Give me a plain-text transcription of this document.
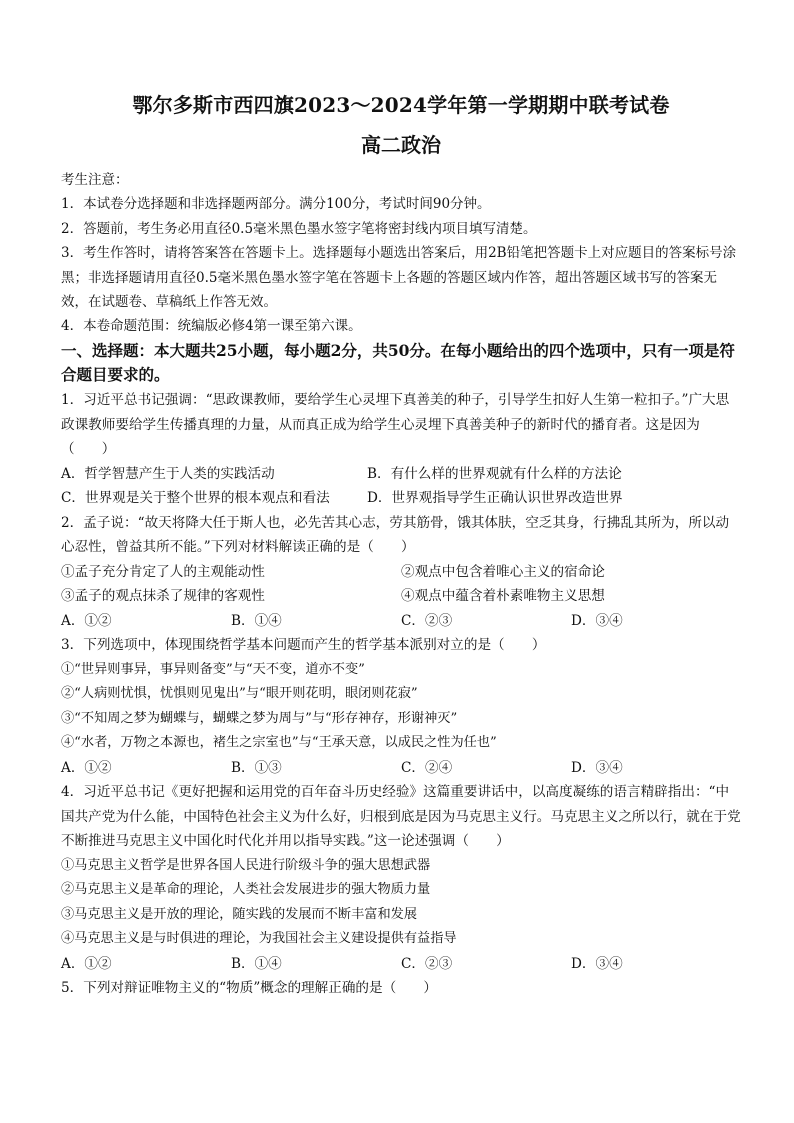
鄂尔多斯市西四旗2023～2024学年第一学期期中联考试卷
高二政治

考生注意：

1．本试卷分选择题和非选择题两部分。满分100分，考试时间90分钟。

2．答题前，考生务必用直径0.5毫米黑色墨水签字笔将密封线内项目填写清楚。

3．考生作答时，请将答案答在答题卡上。选择题每小题选出答案后，用2B铅笔把答题卡上对应题目的答案标号涂黑；非选择题请用直径0.5毫米黑色墨水签字笔在答题卡上各题的答题区域内作答，超出答题区域书写的答案无效，在试题卷、草稿纸上作答无效。

4．本卷命题范围：统编版必修4第一课至第六课。

一、选择题：本大题共25小题，每小题2分，共50分。在每小题给出的四个选项中，只有一项是符合题目要求的。

1．习近平总书记强调：“思政课教师，要给学生心灵埋下真善美的种子，引导学生扣好人生第一粒扣子。”广大思政课教师要给学生传播真理的力量，从而真正成为给学生心灵埋下真善美种子的新时代的播育者。这是因为（　　）

A．哲学智慧产生于人类的实践活动	B．有什么样的世界观就有什么样的方法论
C．世界观是关于整个世界的根本观点和看法	D．世界观指导学生正确认识世界改造世界

2．孟子说：“故天将降大任于斯人也，必先苦其心志，劳其筋骨，饿其体肤，空乏其身，行拂乱其所为，所以动心忍性，曾益其所不能。”下列对材料解读正确的是（　　）

①孟子充分肯定了人的主观能动性	②观点中包含着唯心主义的宿命论
③孟子的观点抹杀了规律的客观性	④观点中蕴含着朴素唯物主义思想
A．①②	B．①④	C．②③	D．③④

3．下列选项中，体现围绕哲学基本问题而产生的哲学基本派别对立的是（　　）

①“世异则事异，事异则备变”与“天不变，道亦不变”

②“人病则忧惧，忧惧则见鬼出”与“眼开则花明，眼闭则花寂”

③“不知周之梦为蝴蝶与，蝴蝶之梦为周与”与“形存神存，形谢神灭”

④“水者，万物之本源也，褚生之宗室也”与“王承天意，以成民之性为任也”

A．①②	B．①③	C．②④	D．③④

4．习近平总书记《更好把握和运用党的百年奋斗历史经验》这篇重要讲话中，以高度凝练的语言精辟指出：“中国共产党为什么能，中国特色社会主义为什么好，归根到底是因为马克思主义行。马克思主义之所以行，就在于党不断推进马克思主义中国化时代化并用以指导实践。”这一论述强调（　　）

①马克思主义哲学是世界各国人民进行阶级斗争的强大思想武器

②马克思主义是革命的理论，人类社会发展进步的强大物质力量

③马克思主义是开放的理论，随实践的发展而不断丰富和发展

④马克思主义是与时俱进的理论，为我国社会主义建设提供有益指导

A．①②	B．①④	C．②③	D．③④

5．下列对辩证唯物主义的“物质”概念的理解正确的是（　　）
